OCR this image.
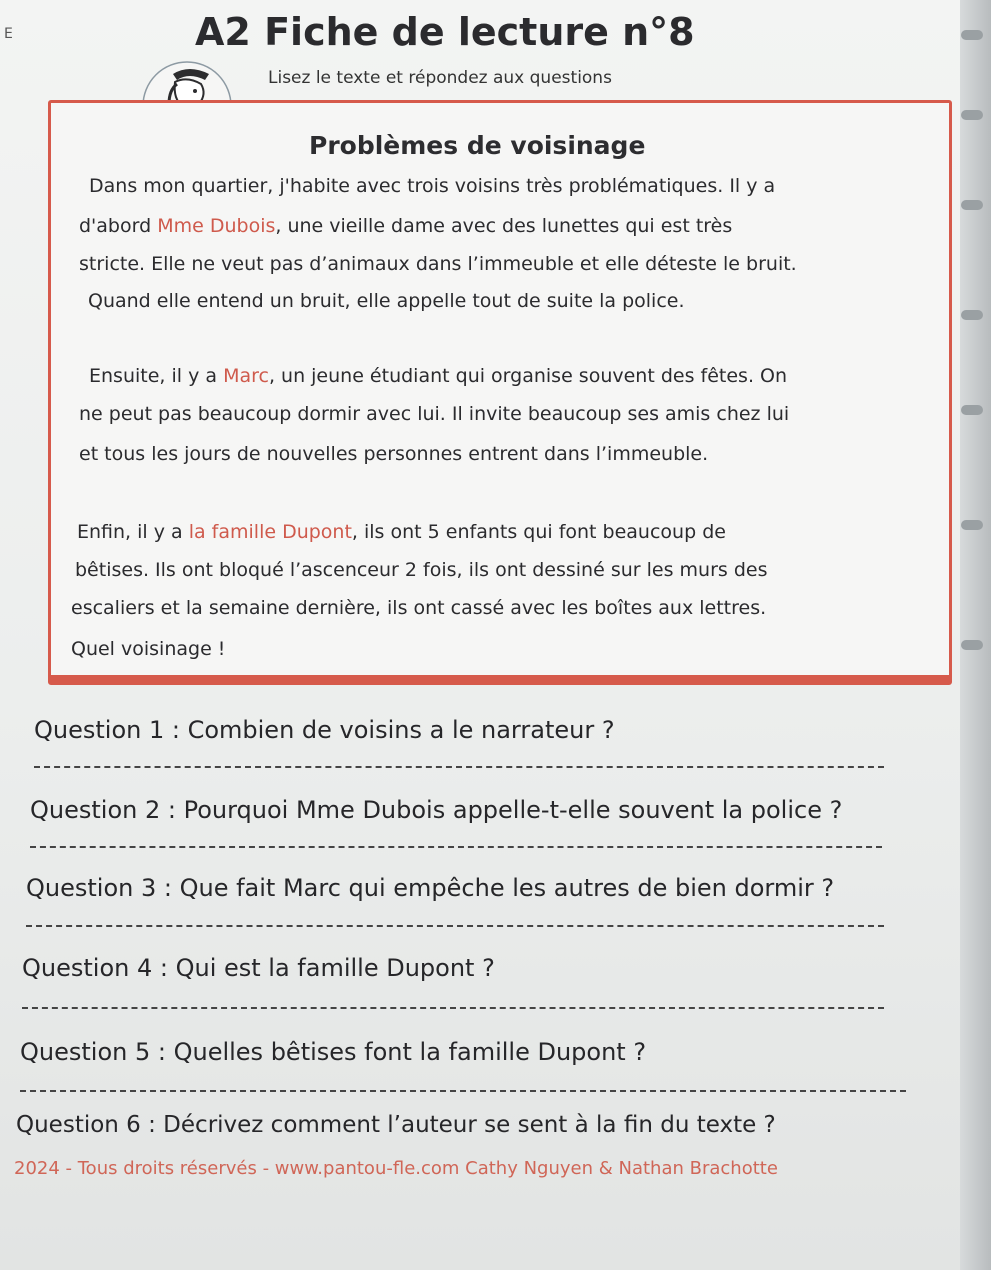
E	A2 Fiche de lecture n°8
Lisez le texte et répondez aux questions
Problèmes de voisinage
Dans mon quartier, j'habite avec trois voisins très problématiques. Il y a
d'abord Mme Dubois, une vieille dame avec des lunettes qui est très
stricte. Elle ne veut pas d’animaux dans l’immeuble et elle déteste le bruit.
Quand elle entend un bruit, elle appelle tout de suite la police.
Ensuite, il y a Marc, un jeune étudiant qui organise souvent des fêtes. On
ne peut pas beaucoup dormir avec lui. Il invite beaucoup ses amis chez lui
et tous les jours de nouvelles personnes entrent dans l’immeuble.
Enfin, il y a la famille Dupont, ils ont 5 enfants qui font beaucoup de
bêtises. Ils ont bloqué l’ascenceur 2 fois, ils ont dessiné sur les murs des
escaliers et la semaine dernière, ils ont cassé avec les boîtes aux lettres.
Quel voisinage !
Question 1 : Combien de voisins a le narrateur ?
Question 2 : Pourquoi Mme Dubois appelle-t-elle souvent la police ?
Question 3 : Que fait Marc qui empêche les autres de bien dormir ?
Question 4 : Qui est la famille Dupont ?
Question 5 : Quelles bêtises font la famille Dupont ?
Question 6 : Décrivez comment l’auteur se sent à la fin du texte ?
2024 - Tous droits réservés - www.pantou-fle.com Cathy Nguyen & Nathan Brachotte
